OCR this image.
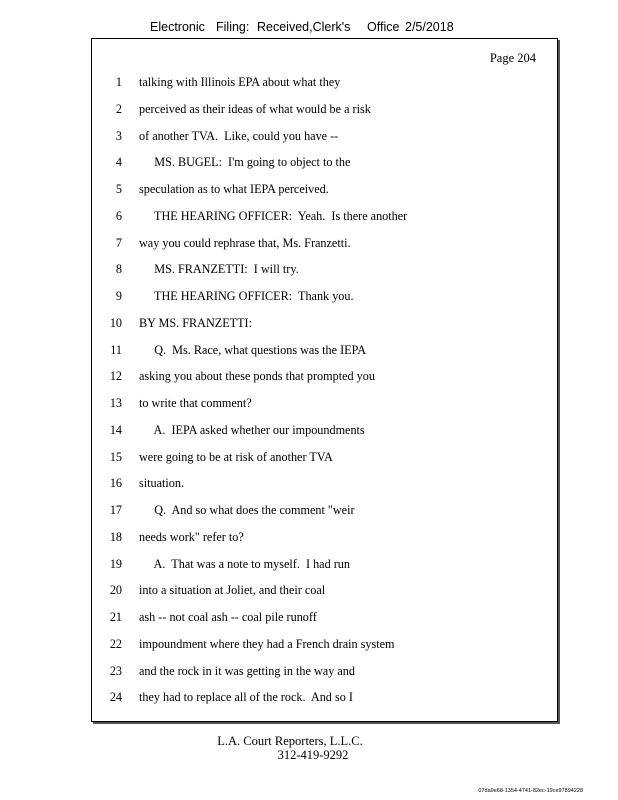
Electronic Filing: Received,Clerk's Office 2/5/2018
Page 204
1 talking with Illinois EPA about what they
2 perceived as their ideas of what would be a risk
3 of another TVA.  Like, could you have --
4 MS. BUGEL:  I'm going to object to the
5 speculation as to what IEPA perceived.
6 THE HEARING OFFICER:  Yeah.  Is there another
7 way you could rephrase that, Ms. Franzetti.
8 MS. FRANZETTI:  I will try.
9 THE HEARING OFFICER:  Thank you.
10 BY MS. FRANZETTI:
11 Q.  Ms. Race, what questions was the IEPA
12 asking you about these ponds that prompted you
13 to write that comment?
14 A.  IEPA asked whether our impoundments
15 were going to be at risk of another TVA
16 situation.
17 Q.  And so what does the comment "weir
18 needs work" refer to?
19 A.  That was a note to myself.  I had run
20 into a situation at Joliet, and their coal
21 ash -- not coal ash -- coal pile runoff
22 impoundment where they had a French drain system
23 and the rock in it was getting in the way and
24 they had to replace all of the rock.  And so I
L.A. Court Reporters, L.L.C.
312-419-9292
07da9e68-1354-4741-82ec-19ce97894228
